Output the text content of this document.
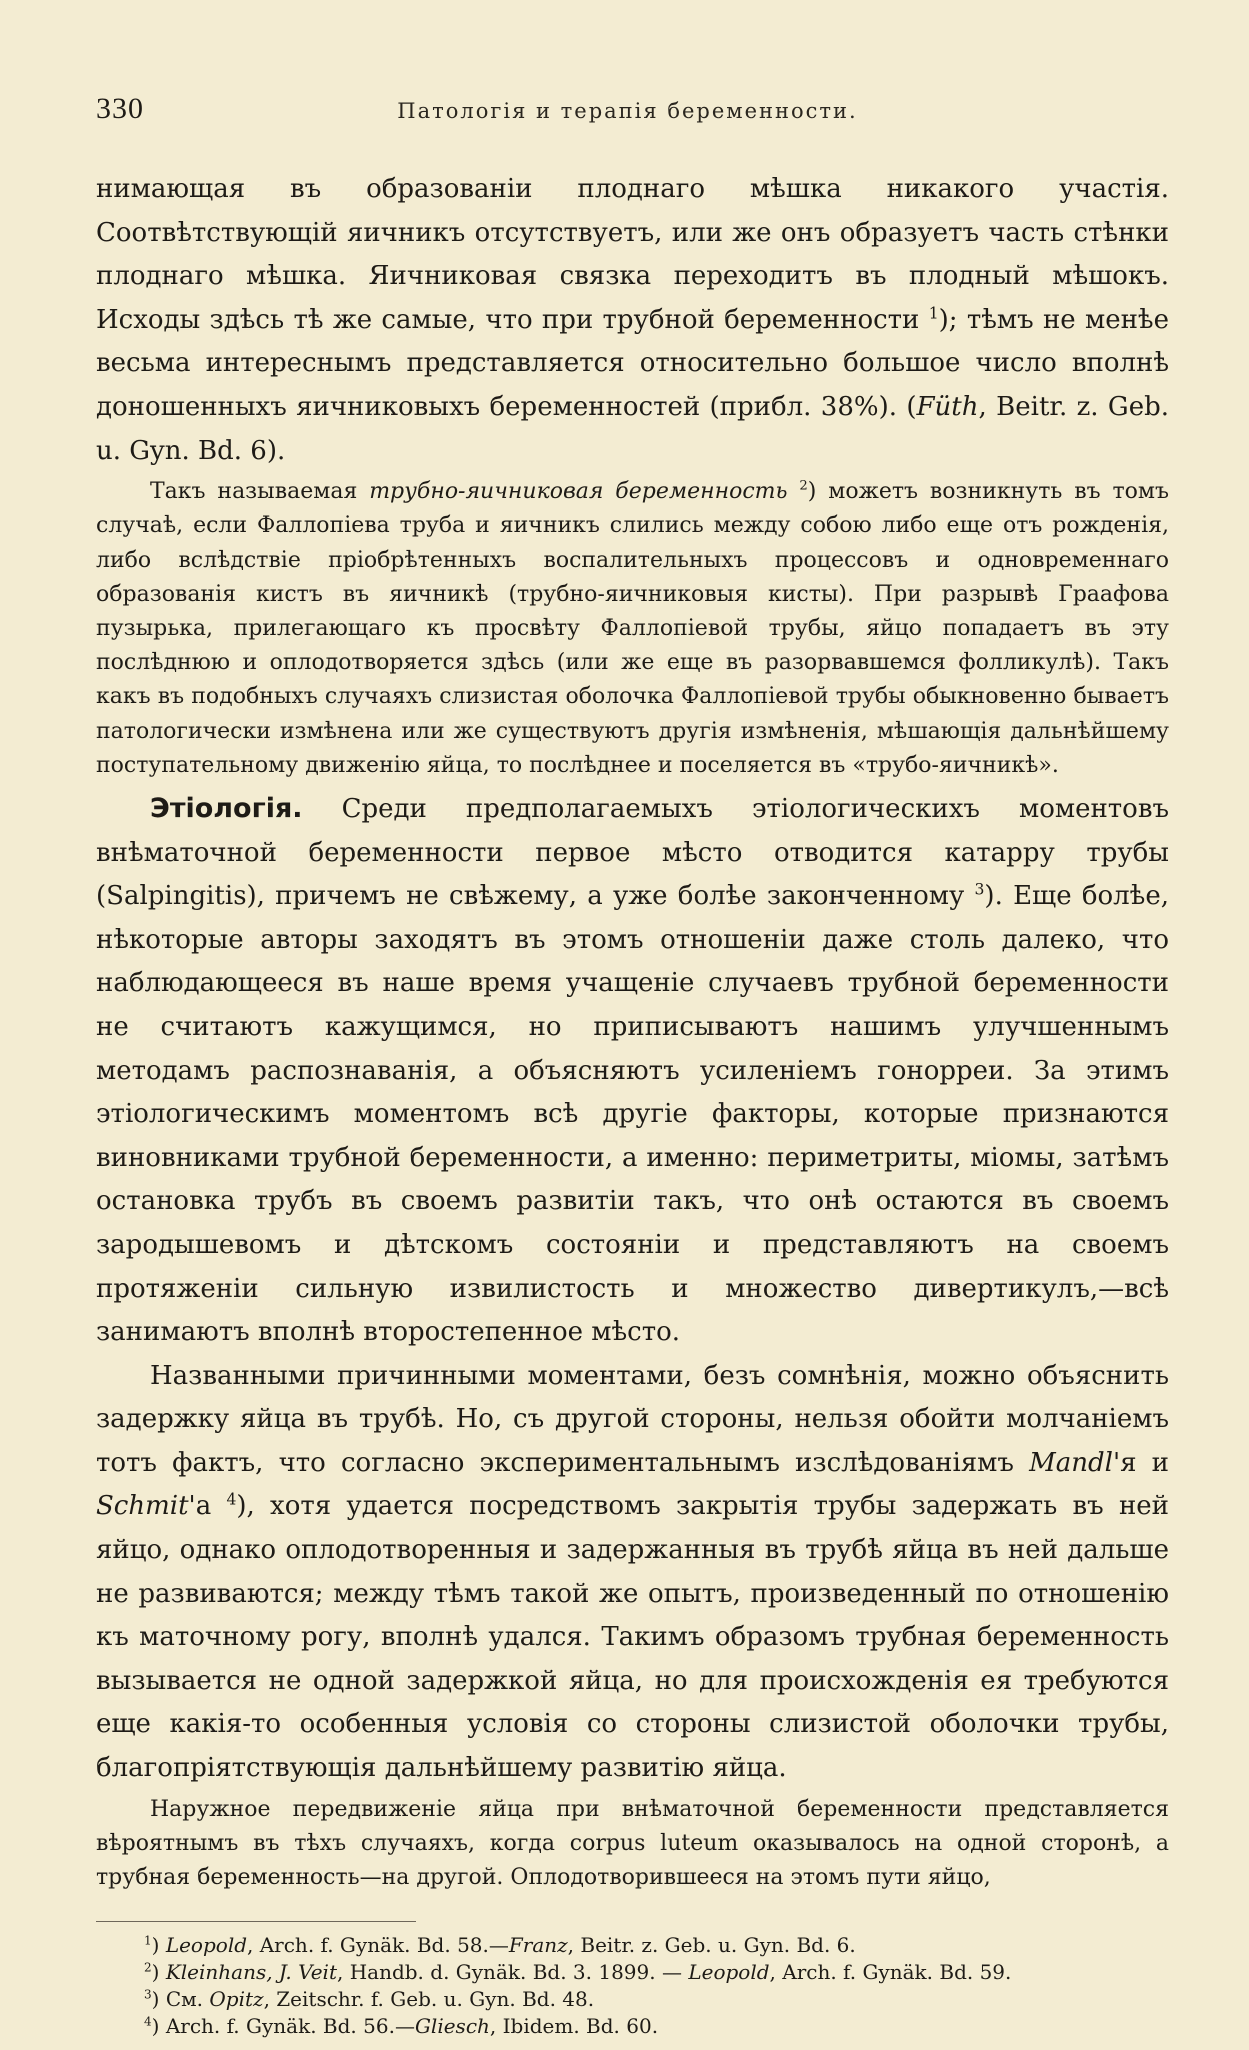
330	Патологія и терапія беременности.

нимающая въ образованіи плоднаго мѣшка никакого участія. Соотвѣтствующій яичникъ отсутствуетъ, или же онъ образуетъ часть стѣнки плоднаго мѣшка. Яичниковая связка переходитъ въ плодный мѣшокъ. Исходы здѣсь тѣ же самые, что при трубной беременности $^1$); тѣмъ не менѣе весьма интереснымъ представляется относительно большое число вполнѣ доношенныхъ яичниковыхъ беременностей (прибл. 38%). (Füth, Beitr. z. Geb. u. Gyn. Bd. 6).

Такъ называемая трубно-яичниковая беременность $^2$) можетъ возникнуть въ томъ случаѣ, если Фаллопіева труба и яичникъ слились между собою либо еще отъ рожденія, либо вслѣдствіе пріобрѣтенныхъ воспалительныхъ процессовъ и одновременнаго образованія кистъ въ яичникѣ (трубно-яичниковыя кисты). При разрывѣ Граафова пузырька, прилегающаго къ просвѣту Фаллопіевой трубы, яйцо попадаетъ въ эту послѣднюю и оплодотворяется здѣсь (или же еще въ разорвавшемся фолликулѣ). Такъ какъ въ подобныхъ случаяхъ слизистая оболочка Фаллопіевой трубы обыкновенно бываетъ патологически измѣнена или же существуютъ другія измѣненія, мѣшающія дальнѣйшему поступательному движенію яйца, то послѣднее и поселяется въ «трубо-яичникѣ».

Этіологія. Среди предполагаемыхъ этіологическихъ моментовъ внѣматочной беременности первое мѣсто отводится катарру трубы (Salpingitis), причемъ не свѣжему, а уже болѣе законченному $^3$). Еще болѣе, нѣкоторые авторы заходятъ въ этомъ отношеніи даже столь далеко, что наблюдающееся въ наше время учащеніе случаевъ трубной беременности не считаютъ кажущимся, но приписываютъ нашимъ улучшеннымъ методамъ распознаванія, а объясняютъ усиленіемъ гонорреи. За этимъ этіологическимъ моментомъ всѣ другіе факторы, которые признаются виновниками трубной беременности, а именно: периметриты, міомы, затѣмъ остановка трубъ въ своемъ развитіи такъ, что онѣ остаются въ своемъ зародышевомъ и дѣтскомъ состояніи и представляютъ на своемъ протяженіи сильную извилистость и множество дивертикулъ,—всѣ занимаютъ вполнѣ второстепенное мѣсто.

Названными причинными моментами, безъ сомнѣнія, можно объяснить задержку яйца въ трубѣ. Но, съ другой стороны, нельзя обойти молчаніемъ тотъ фактъ, что согласно экспериментальнымъ изслѣдованіямъ Mandl'я и Schmit'а $^4$), хотя удается посредствомъ закрытія трубы задержать въ ней яйцо, однако оплодотворенныя и задержанныя въ трубѣ яйца въ ней дальше не развиваются; между тѣмъ такой же опытъ, произведенный по отношенію къ маточному рогу, вполнѣ удался. Такимъ образомъ трубная беременность вызывается не одной задержкой яйца, но для происхожденія ея требуются еще какія-то особенныя условія со стороны слизистой оболочки трубы, благопріятствующія дальнѣйшему развитію яйца.

Наружное передвиженіе яйца при внѣматочной беременности представляется вѣроятнымъ въ тѣхъ случаяхъ, когда corpus luteum оказывалось на одной сторонѣ, а трубная беременность—на другой. Оплодотворившееся на этомъ пути яйцо,

$^1$) Leopold, Arch. f. Gynäk. Bd. 58.—Franz, Beitr. z. Geb. u. Gyn. Bd. 6.
$^2$) Kleinhans, J. Veit, Handb. d. Gynäk. Bd. 3. 1899. — Leopold, Arch. f. Gynäk. Bd. 59.
$^3$) См. Opitz, Zeitschr. f. Geb. u. Gyn. Bd. 48.
$^4$) Arch. f. Gynäk. Bd. 56.—Gliesch, Ibidem. Bd. 60.
